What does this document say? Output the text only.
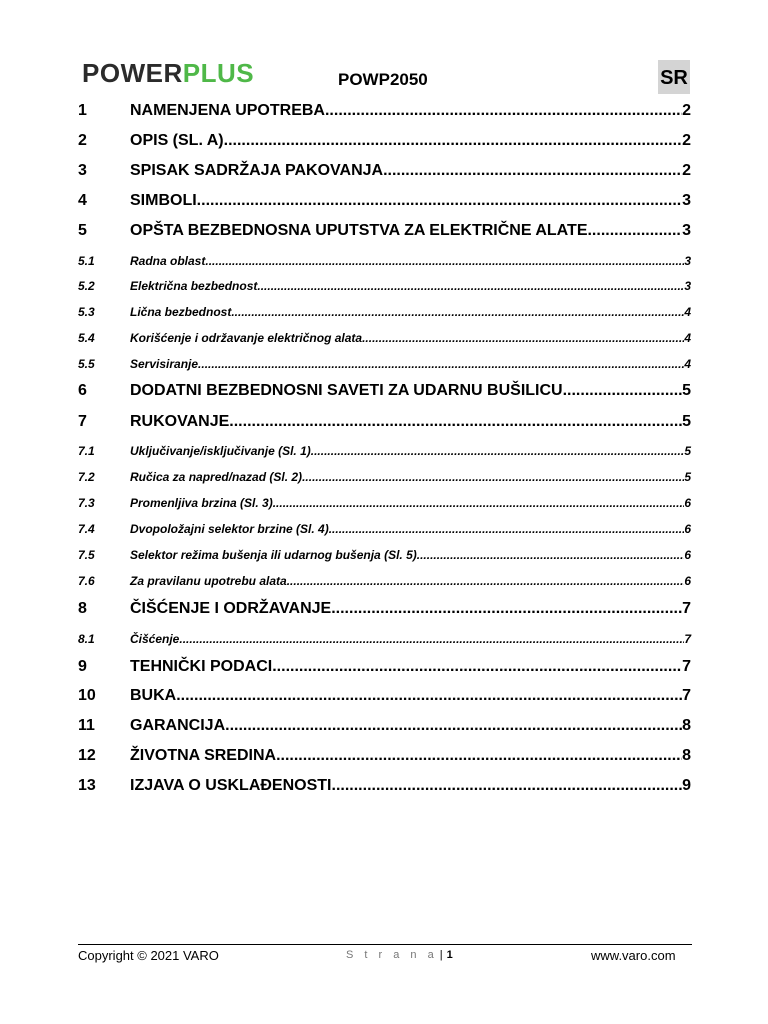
POWERPLUS	POWP2050	SR
1	NAMENJENA UPOTREBA .....	2
2	OPIS (SL. A) .....	2
3	SPISAK SADRŽAJA PAKOVANJA .....	2
4	SIMBOLI .....	3
5	OPŠTA BEZBEDNOSNA UPUTSTVA ZA ELEKTRIČNE ALATE .....	3
5.1	Radna oblast .....	3
5.2	Električna bezbednost .....	3
5.3	Lična bezbednost .....	4
5.4	Korišćenje i održavanje električnog alata .....	4
5.5	Servisiranje .....	4
6	DODATNI BEZBEDNOSNI SAVETI ZA UDARNU BUŠILICU .....	5
7	RUKOVANJE .....	5
7.1	Uključivanje/isključivanje (Sl. 1) .....	5
7.2	Ručica za napred/nazad (Sl. 2) .....	5
7.3	Promenljiva brzina (Sl. 3) .....	6
7.4	Dvopoložajni selektor brzine (Sl. 4) .....	6
7.5	Selektor režima bušenja ili udarnog bušenja (Sl. 5) .....	6
7.6	Za pravilanu upotrebu alata .....	6
8	ČIŠĆENJE I ODRŽAVANJE .....	7
8.1	Čišćenje .....	7
9	TEHNIČKI PODACI .....	7
10	BUKA .....	7
11	GARANCIJA .....	8
12	ŽIVOTNA SREDINA .....	8
13	IZJAVA O USKLAĐENOSTI .....	9
Copyright © 2021 VARO	S t r a n a | 1	www.varo.com
